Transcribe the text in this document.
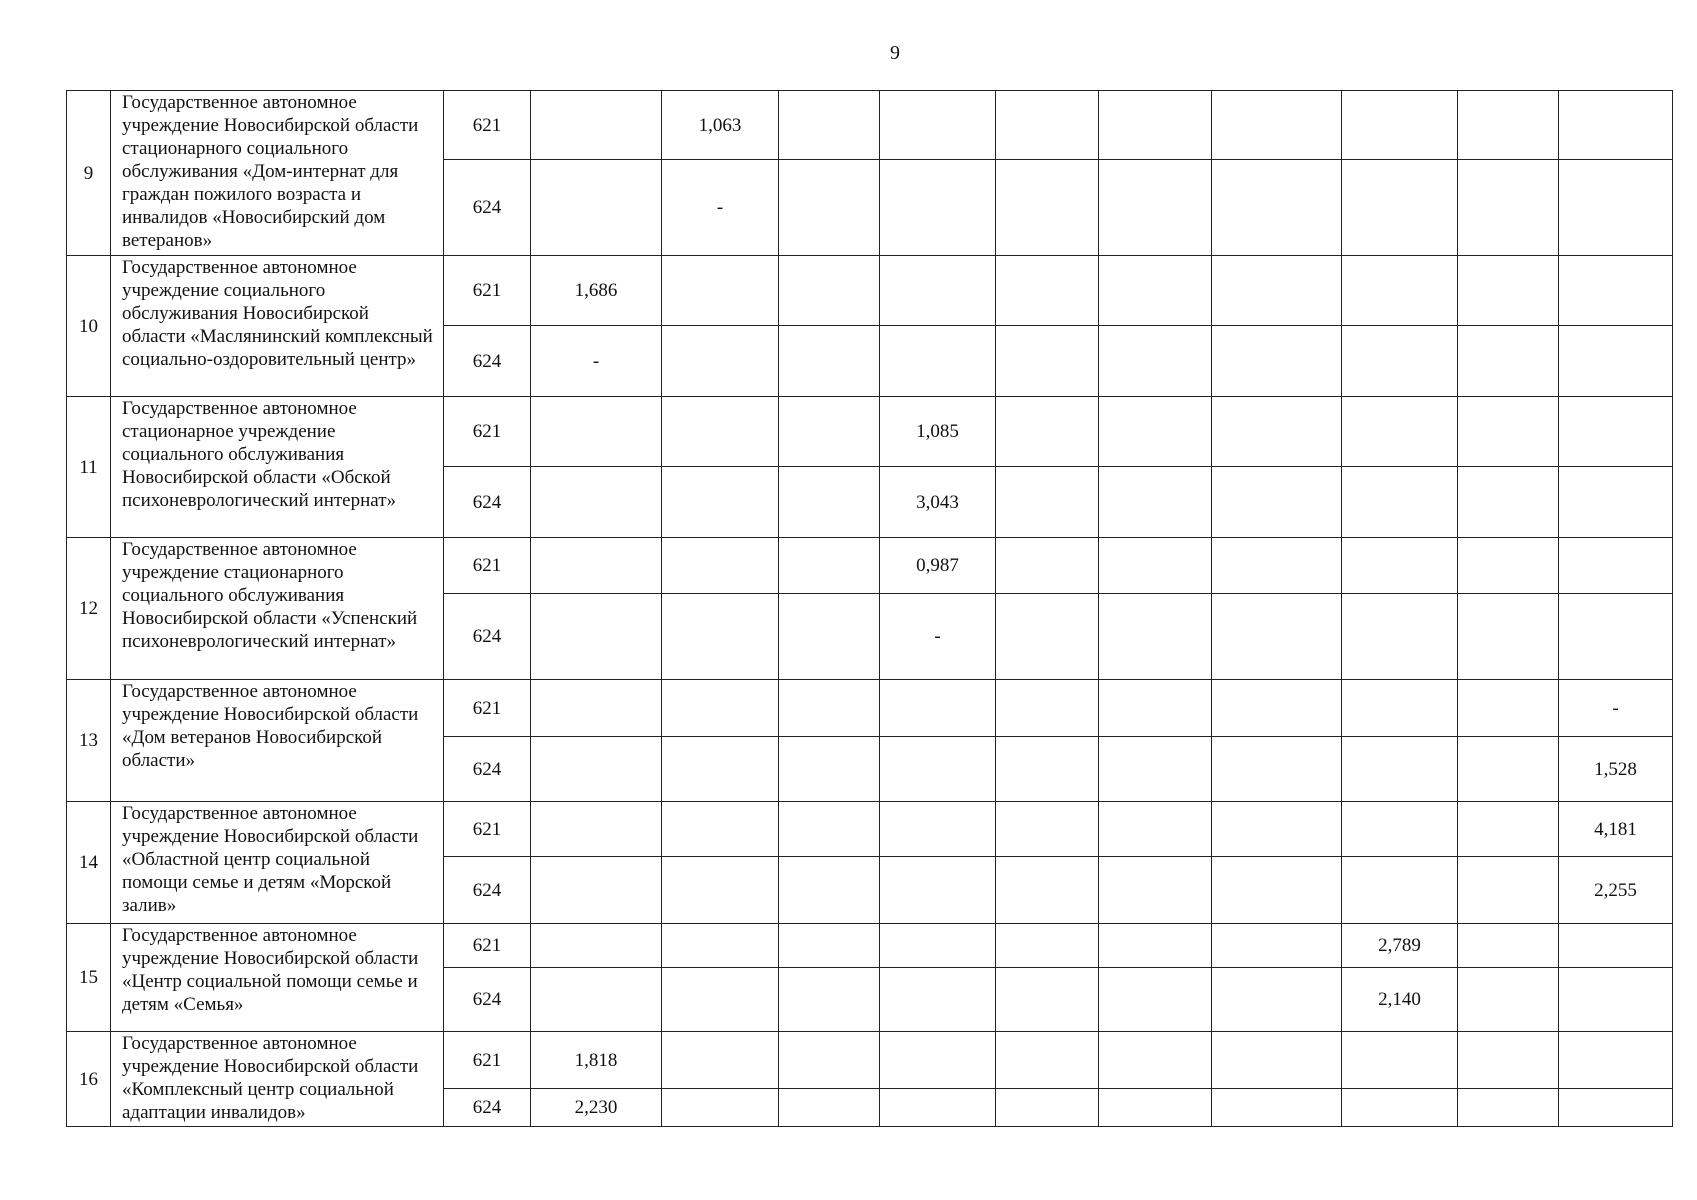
9
9	Государственное автономное учреждение Новосибирской области стационарного социального обслуживания «Дом-интернат для граждан пожилого возраста и инвалидов «Новосибирский дом ветеранов»	621		1,063								
		624		-								
10	Государственное автономное учреждение социального обслуживания Новосибирской области «Маслянинский комплексный социально-оздоровительный центр»	621	1,686									
		624	-									
11	Государственное автономное стационарное учреждение социального обслуживания Новосибирской области «Обской психоневрологический интернат»	621				1,085						
		624				3,043						
12	Государственное автономное учреждение стационарного социального обслуживания Новосибирской области «Успенский психоневрологический интернат»	621				0,987						
		624				-						
13	Государственное автономное учреждение Новосибирской области «Дом ветеранов Новосибирской области»	621										-
		624										1,528
14	Государственное автономное учреждение Новосибирской области «Областной центр социальной помощи семье и детям «Морской залив»	621										4,181
		624										2,255
15	Государственное автономное учреждение Новосибирской области «Центр социальной помощи семье и детям «Семья»	621								2,789		
		624								2,140		
16	Государственное автономное учреждение Новосибирской области «Комплексный центр социальной адаптации инвалидов»	621	1,818									
		624	2,230									
